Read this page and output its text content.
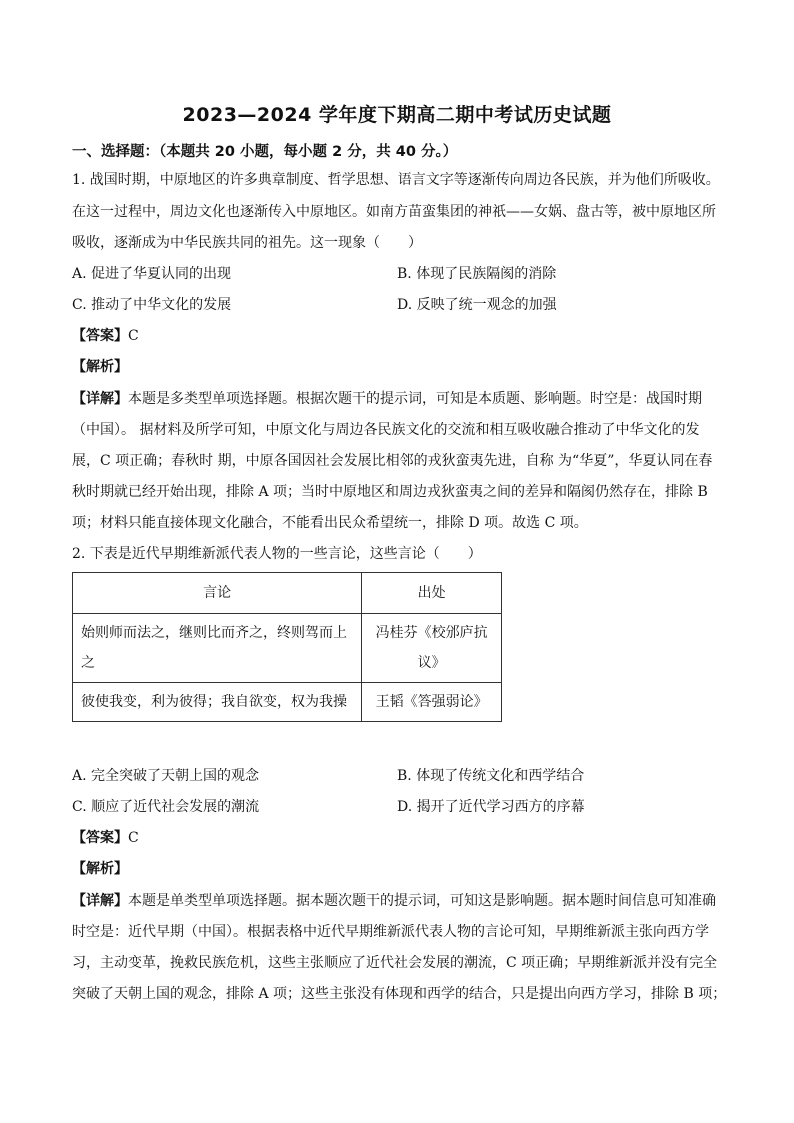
2023—2024 学年度下期高二期中考试历史试题
一、选择题：（本题共 20 小题，每小题 2 分，共 40 分。）
1. 战国时期，中原地区的许多典章制度、哲学思想、语言文字等逐渐传向周边各民族，并为他们所吸收。
在这一过程中，周边文化也逐渐传入中原地区。如南方苗蛮集团的神祇——女娲、盘古等，被中原地区所
吸收，逐渐成为中华民族共同的祖先。这一现象（　　）
A. 促进了华夏认同的出现	B. 体现了民族隔阂的消除
C. 推动了中华文化的发展	D. 反映了统一观念的加强
【答案】C
【解析】
【详解】本题是多类型单项选择题。根据次题干的提示词，可知是本质题、影响题。时空是：战国时期
（中国）。 据材料及所学可知，中原文化与周边各民族文化的交流和相互吸收融合推动了中华文化的发
展，C 项正确；春秋时 期，中原各国因社会发展比相邻的戎狄蛮夷先进，自称 为“华夏”，华夏认同在春
秋时期就已经开始出现，排除 A 项；当时中原地区和周边戎狄蛮夷之间的差异和隔阂仍然存在，排除 B
项；材料只能直接体现文化融合，不能看出民众希望统一，排除 D 项。故选 C 项。
2. 下表是近代早期维新派代表人物的一些言论，这些言论（　　）
言论	出处
始则师而法之，继则比而齐之，终则驾而上之	冯桂芬《校邠庐抗议》
彼使我变，利为彼得；我自欲变，权为我操	王韬《答强弱论》
A. 完全突破了天朝上国的观念	B. 体现了传统文化和西学结合
C. 顺应了近代社会发展的潮流	D. 揭开了近代学习西方的序幕
【答案】C
【解析】
【详解】本题是单类型单项选择题。据本题次题干的提示词，可知这是影响题。据本题时间信息可知准确
时空是：近代早期（中国）。根据表格中近代早期维新派代表人物的言论可知，早期维新派主张向西方学
习，主动变革，挽救民族危机，这些主张顺应了近代社会发展的潮流，C 项正确；早期维新派并没有完全
突破了天朝上国的观念，排除 A 项；这些主张没有体现和西学的结合，只是提出向西方学习，排除 B 项；
